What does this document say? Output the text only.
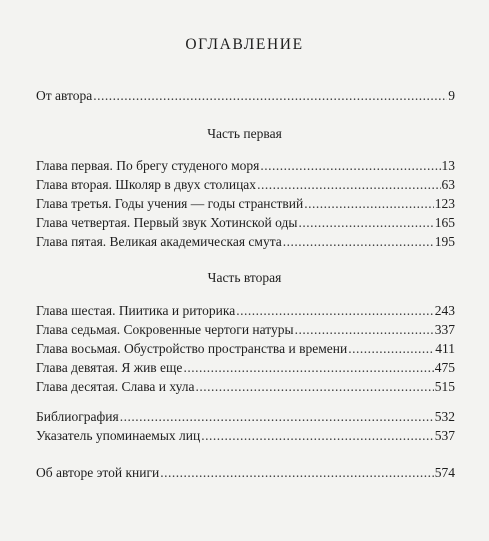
ОГЛАВЛЕНИЕ
От автора .....	9
Часть первая
Глава первая. По брегу студеного моря .....	13
Глава вторая. Школяр в двух столицах .....	63
Глава третья. Годы учения — годы странствий .....	123
Глава четвертая. Первый звук Хотинской оды .....	165
Глава пятая. Великая академическая смута .....	195
Часть вторая
Глава шестая. Пиитика и риторика .....	243
Глава седьмая. Сокровенные чертоги натуры .....	337
Глава восьмая. Обустройство пространства и времени .....	411
Глава девятая. Я жив еще .....	475
Глава десятая. Слава и хула .....	515
Библиография .....	532
Указатель упоминаемых лиц .....	537
Об авторе этой книги .....	574
